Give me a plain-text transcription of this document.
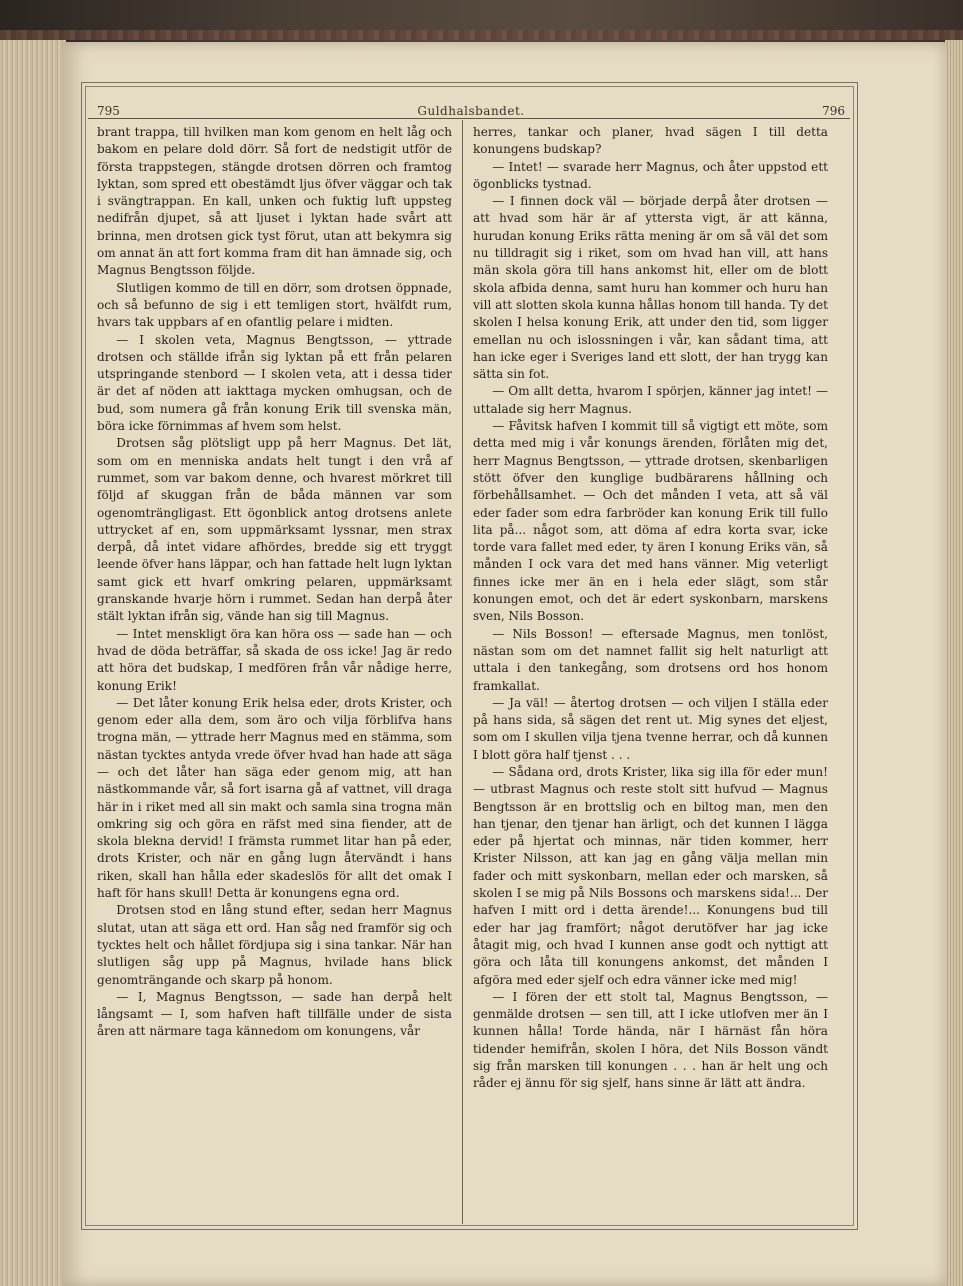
795	Guldhalsbandet.	796

brant trappa, till hvilken man kom genom en helt låg och bakom en pelare dold dörr. Så fort de nedstigit utför de första trappstegen, stängde drotsen dörren och framtog lyktan, som spred ett obestämdt ljus öfver väggar och tak i svängtrappan. En kall, unken och fuktig luft uppsteg nedifrån djupet, så att ljuset i lyktan hade svårt att brinna, men drotsen gick tyst förut, utan att bekymra sig om annat än att fort komma fram dit han ämnade sig, och Magnus Bengtsson följde.

Slutligen kommo de till en dörr, som drotsen öppnade, och så befunno de sig i ett temligen stort, hvälfdt rum, hvars tak uppbars af en ofantlig pelare i midten.

— I skolen veta, Magnus Bengtsson, — yttrade drotsen och ställde ifrån sig lyktan på ett från pelaren utspringande stenbord — I skolen veta, att i dessa tider är det af nöden att iakttaga mycken omhugsan, och de bud, som numera gå från konung Erik till svenska män, böra icke förnimmas af hvem som helst.

Drotsen såg plötsligt upp på herr Magnus. Det lät, som om en menniska andats helt tungt i den vrå af rummet, som var bakom denne, och hvarest mörkret till följd af skuggan från de båda männen var som ogenomträngligast. Ett ögonblick antog drotsens anlete uttrycket af en, som uppmärksamt lyssnar, men strax derpå, då intet vidare afhördes, bredde sig ett tryggt leende öfver hans läppar, och han fattade helt lugn lyktan samt gick ett hvarf omkring pelaren, uppmärksamt granskande hvarje hörn i rummet. Sedan han derpå åter stält lyktan ifrån sig, vände han sig till Magnus.

— Intet menskligt öra kan höra oss — sade han — och hvad de döda beträffar, så skada de oss icke! Jag är redo att höra det budskap, I medfören från vår nådige herre, konung Erik!

— Det låter konung Erik helsa eder, drots Krister, och genom eder alla dem, som äro och vilja förblifva hans trogna män, — yttrade herr Magnus med en stämma, som nästan tycktes antyda vrede öfver hvad han hade att säga — och det låter han säga eder genom mig, att han nästkommande vår, så fort isarna gå af vattnet, vill draga här in i riket med all sin makt och samla sina trogna män omkring sig och göra en räfst med sina fiender, att de skola blekna dervid! I främsta rummet litar han på eder, drots Krister, och när en gång lugn återvändt i hans riken, skall han hålla eder skadeslös för allt det omak I haft för hans skull! Detta är konungens egna ord.

Drotsen stod en lång stund efter, sedan herr Magnus slutat, utan att säga ett ord. Han såg ned framför sig och tycktes helt och hållet fördjupa sig i sina tankar. När han slutligen såg upp på Magnus, hvilade hans blick genomträngande och skarp på honom.

— I, Magnus Bengtsson, — sade han derpå helt långsamt — I, som hafven haft tillfälle under de sista åren att närmare taga kännedom om konungens, vår

herres, tankar och planer, hvad sägen I till detta konungens budskap?

— Intet! — svarade herr Magnus, och åter uppstod ett ögonblicks tystnad.

— I finnen dock väl — började derpå åter drotsen — att hvad som här är af yttersta vigt, är att känna, hurudan konung Eriks rätta mening är om så väl det som nu tilldragit sig i riket, som om hvad han vill, att hans män skola göra till hans ankomst hit, eller om de blott skola afbida denna, samt huru han kommer och huru han vill att slotten skola kunna hållas honom till handa. Ty det skolen I helsa konung Erik, att under den tid, som ligger emellan nu och islossningen i vår, kan sådant tima, att han icke eger i Sveriges land ett slott, der han trygg kan sätta sin fot.

— Om allt detta, hvarom I spörjen, känner jag intet! — uttalade sig herr Magnus.

— Fåvitsk hafven I kommit till så vigtigt ett möte, som detta med mig i vår konungs ärenden, förlåten mig det, herr Magnus Bengtsson, — yttrade drotsen, skenbarligen stött öfver den kunglige budbärarens hållning och förbehållsamhet. — Och det månden I veta, att så väl eder fader som edra farbröder kan konung Erik till fullo lita på... något som, att döma af edra korta svar, icke torde vara fallet med eder, ty ären I konung Eriks vän, så månden I ock vara det med hans vänner. Mig veterligt finnes icke mer än en i hela eder slägt, som står konungen emot, och det är edert syskonbarn, marskens sven, Nils Bosson.

— Nils Bosson! — eftersade Magnus, men tonlöst, nästan som om det namnet fallit sig helt naturligt att uttala i den tankegång, som drotsens ord hos honom framkallat.

— Ja väl! — återtog drotsen — och viljen I ställa eder på hans sida, så sägen det rent ut. Mig synes det eljest, som om I skullen vilja tjena tvenne herrar, och då kunnen I blott göra half tjenst . . .

— Sådana ord, drots Krister, lika sig illa för eder mun! — utbrast Magnus och reste stolt sitt hufvud — Magnus Bengtsson är en brottslig och en biltog man, men den han tjenar, den tjenar han ärligt, och det kunnen I lägga eder på hjertat och minnas, när tiden kommer, herr Krister Nilsson, att kan jag en gång välja mellan min fader och mitt syskonbarn, mellan eder och marsken, så skolen I se mig på Nils Bossons och marskens sida!... Der hafven I mitt ord i detta ärende!... Konungens bud till eder har jag framfört; något derutöfver har jag icke åtagit mig, och hvad I kunnen anse godt och nyttigt att göra och låta till konungens ankomst, det månden I afgöra med eder sjelf och edra vänner icke med mig!

— I fören der ett stolt tal, Magnus Bengtsson, — genmälde drotsen — sen till, att I icke utlofven mer än I kunnen hålla! Torde hända, när I härnäst fån höra tidender hemifrån, skolen I höra, det Nils Bosson vändt sig från marsken till konungen . . . han är helt ung och råder ej ännu för sig sjelf, hans sinne är lätt att ändra.
